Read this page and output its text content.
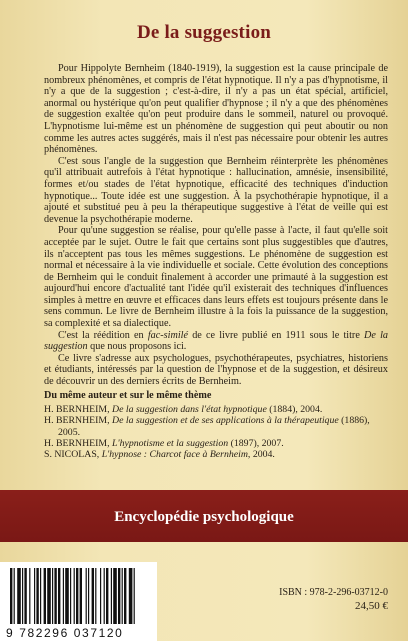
De la suggestion

Pour Hippolyte Bernheim (1840-1919), la suggestion est la cause principale de nombreux phénomènes, et compris de l'état hypnotique. Il n'y a pas d'hypnotisme, il n'y a que de la suggestion ; c'est-à-dire, il n'y a pas un état spécial, artificiel, anormal ou hystérique qu'on peut qualifier d'hypnose ; il n'y a que des phénomènes de suggestion exaltée qu'on peut produire dans le sommeil, naturel ou provoqué. L'hypnotisme lui-même est un phénomène de suggestion qui peut aboutir ou non comme les autres actes suggérés, mais il n'est pas nécessaire pour obtenir les autres phénomènes.

C'est sous l'angle de la suggestion que Bernheim réinterprète les phénomènes qu'il attribuait autrefois à l'état hypnotique : hallucination, amnésie, insensibilité, formes et/ou stades de l'état hypnotique, efficacité des techniques d'induction hypnotique... Toute idée est une suggestion. À la psychothérapie hypnotique, il a ajouté et substitué peu à peu la thérapeutique suggestive à l'état de veille qui est devenue la psychothérapie moderne.

Pour qu'une suggestion se réalise, pour qu'elle passe à l'acte, il faut qu'elle soit acceptée par le sujet. Outre le fait que certains sont plus suggestibles que d'autres, ils n'acceptent pas tous les mêmes suggestions. Le phénomène de suggestion est normal et nécessaire à la vie individuelle et sociale. Cette évolution des conceptions de Bernheim qui le conduit finalement à accorder une primauté à la suggestion est aujourd'hui encore d'actualité tant l'idée qu'il existerait des techniques d'influences simples à mettre en œuvre et efficaces dans leurs effets est toujours présente dans le sens commun. Le livre de Bernheim illustre à la fois la puissance de la suggestion, sa complexité et sa dialectique.

C'est la réédition en fac-similé de ce livre publié en 1911 sous le titre De la suggestion que nous proposons ici.

Ce livre s'adresse aux psychologues, psychothérapeutes, psychiatres, historiens et étudiants, intéressés par la question de l'hypnose et de la suggestion, et désireux de découvrir un des derniers écrits de Bernheim.

Du même auteur et sur le même thème

H. BERNHEIM, De la suggestion dans l'état hypnotique (1884), 2004.

H. BERNHEIM, De la suggestion et de ses applications à la thérapeutique (1886), 2005.

H. BERNHEIM, L'hypnotisme et la suggestion (1897), 2007.

S. NICOLAS, L'hypnose : Charcot face à Bernheim, 2004.

Encyclopédie psychologique
9 782296 037120
ISBN : 978-2-296-03712-0
24,50 €
